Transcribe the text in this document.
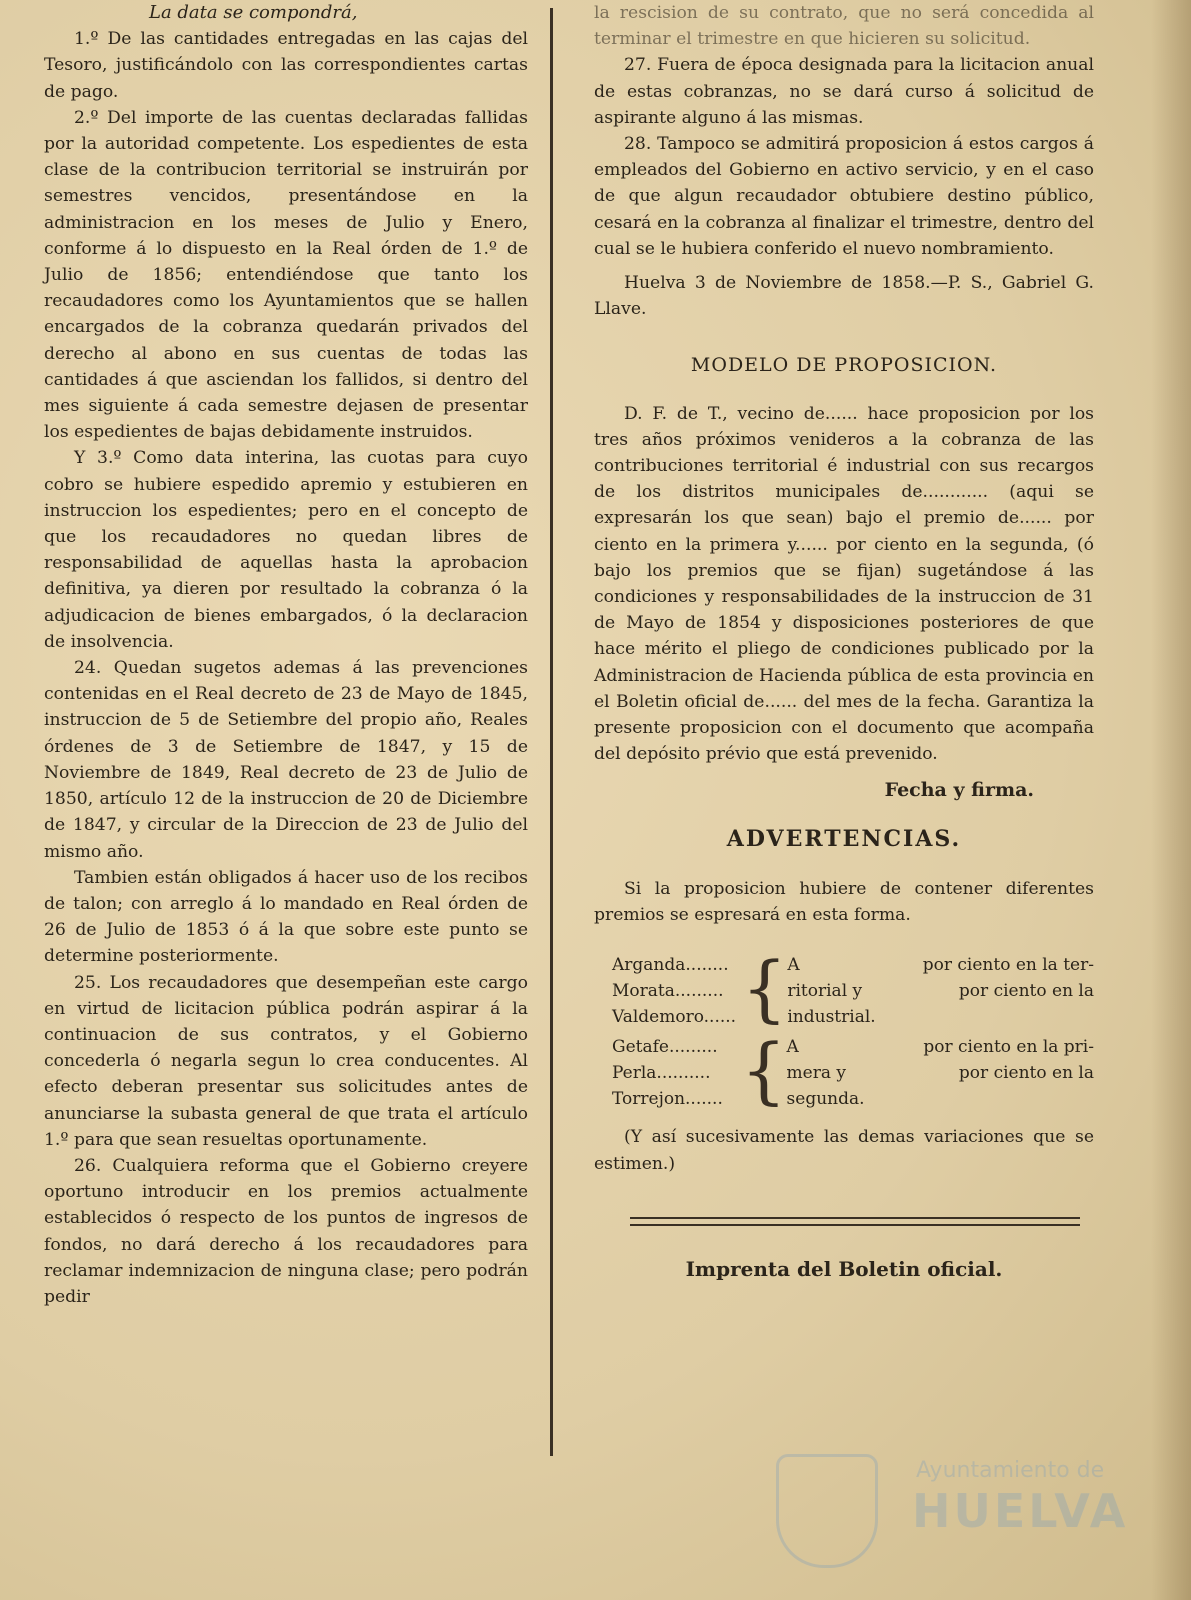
La data se compondrá,

1.º De las cantidades entregadas en las cajas del Tesoro, justificándolo con las correspondientes cartas de pago.

2.º Del importe de las cuentas declaradas fallidas por la autoridad competente. Los espedientes de esta clase de la contribucion territorial se instruirán por semestres vencidos, presentándose en la administracion en los meses de Julio y Enero, conforme á lo dispuesto en la Real órden de 1.º de Julio de 1856; entendiéndose que tanto los recaudadores como los Ayuntamientos que se hallen encargados de la cobranza quedarán privados del derecho al abono en sus cuentas de todas las cantidades á que asciendan los fallidos, si dentro del mes siguiente á cada semestre dejasen de presentar los espedientes de bajas debidamente instruidos.

Y 3.º Como data interina, las cuotas para cuyo cobro se hubiere espedido apremio y estubieren en instruccion los espedientes; pero en el concepto de que los recaudadores no quedan libres de responsabilidad de aquellas hasta la aprobacion definitiva, ya dieren por resultado la cobranza ó la adjudicacion de bienes embargados, ó la declaracion de insolvencia.

24. Quedan sugetos ademas á las prevenciones contenidas en el Real decreto de 23 de Mayo de 1845, instruccion de 5 de Setiembre del propio año, Reales órdenes de 3 de Setiembre de 1847, y 15 de Noviembre de 1849, Real decreto de 23 de Julio de 1850, artículo 12 de la instruccion de 20 de Diciembre de 1847, y circular de la Direccion de 23 de Julio del mismo año.

Tambien están obligados á hacer uso de los recibos de talon; con arreglo á lo mandado en Real órden de 26 de Julio de 1853 ó á la que sobre este punto se determine posteriormente.

25. Los recaudadores que desempeñan este cargo en virtud de licitacion pública podrán aspirar á la continuacion de sus contratos, y el Gobierno concederla ó negarla segun lo crea conducentes. Al efecto deberan presentar sus solicitudes antes de anunciarse la subasta general de que trata el artículo 1.º para que sean resueltas oportunamente.

26. Cualquiera reforma que el Gobierno creyere oportuno introducir en los premios actualmente establecidos ó respecto de los puntos de ingresos de fondos, no dará derecho á los recaudadores para reclamar indemnizacion de ninguna clase; pero podrán pedir

la rescision de su contrato, que no será concedida al terminar el trimestre en que hicieren su solicitud.

27. Fuera de época designada para la licitacion anual de estas cobranzas, no se dará curso á solicitud de aspirante alguno á las mismas.

28. Tampoco se admitirá proposicion á estos cargos á empleados del Gobierno en activo servicio, y en el caso de que algun recaudador obtubiere destino público, cesará en la cobranza al finalizar el trimestre, dentro del cual se le hubiera conferido el nuevo nombramiento.

Huelva 3 de Noviembre de 1858.—P. S., Gabriel G. Llave.

MODELO DE PROPOSICION.

D. F. de T., vecino de...... hace proposicion por los tres años próximos venideros a la cobranza de las contribuciones territorial é industrial con sus recargos de los distritos municipales de............ (aqui se expresarán los que sean) bajo el premio de...... por ciento en la primera y...... por ciento en la segunda, (ó bajo los premios que se fijan) sugetándose á las condiciones y responsabilidades de la instruccion de 31 de Mayo de 1854 y disposiciones posteriores de que hace mérito el pliego de condiciones publicado por la Administracion de Hacienda pública de esta provincia en el Boletin oficial de...... del mes de la fecha. Garantiza la presente proposicion con el documento que acompaña del depósito prévio que está prevenido.

Fecha y firma.

ADVERTENCIAS.

Si la proposicion hubiere de contener diferentes premios se espresará en esta forma.

Arganda........	{	A	por ciento en la ter-
Morata.........		ritorial y	por ciento en la
Valdemoro......		industrial.	
Getafe.........	{	A	por ciento en la pri-
Perla..........		mera y	por ciento en la
Torrejon.......		segunda.	

(Y así sucesivamente las demas variaciones que se estimen.)

Imprenta del Boletin oficial.

Ayuntamiento de
HUELVA
